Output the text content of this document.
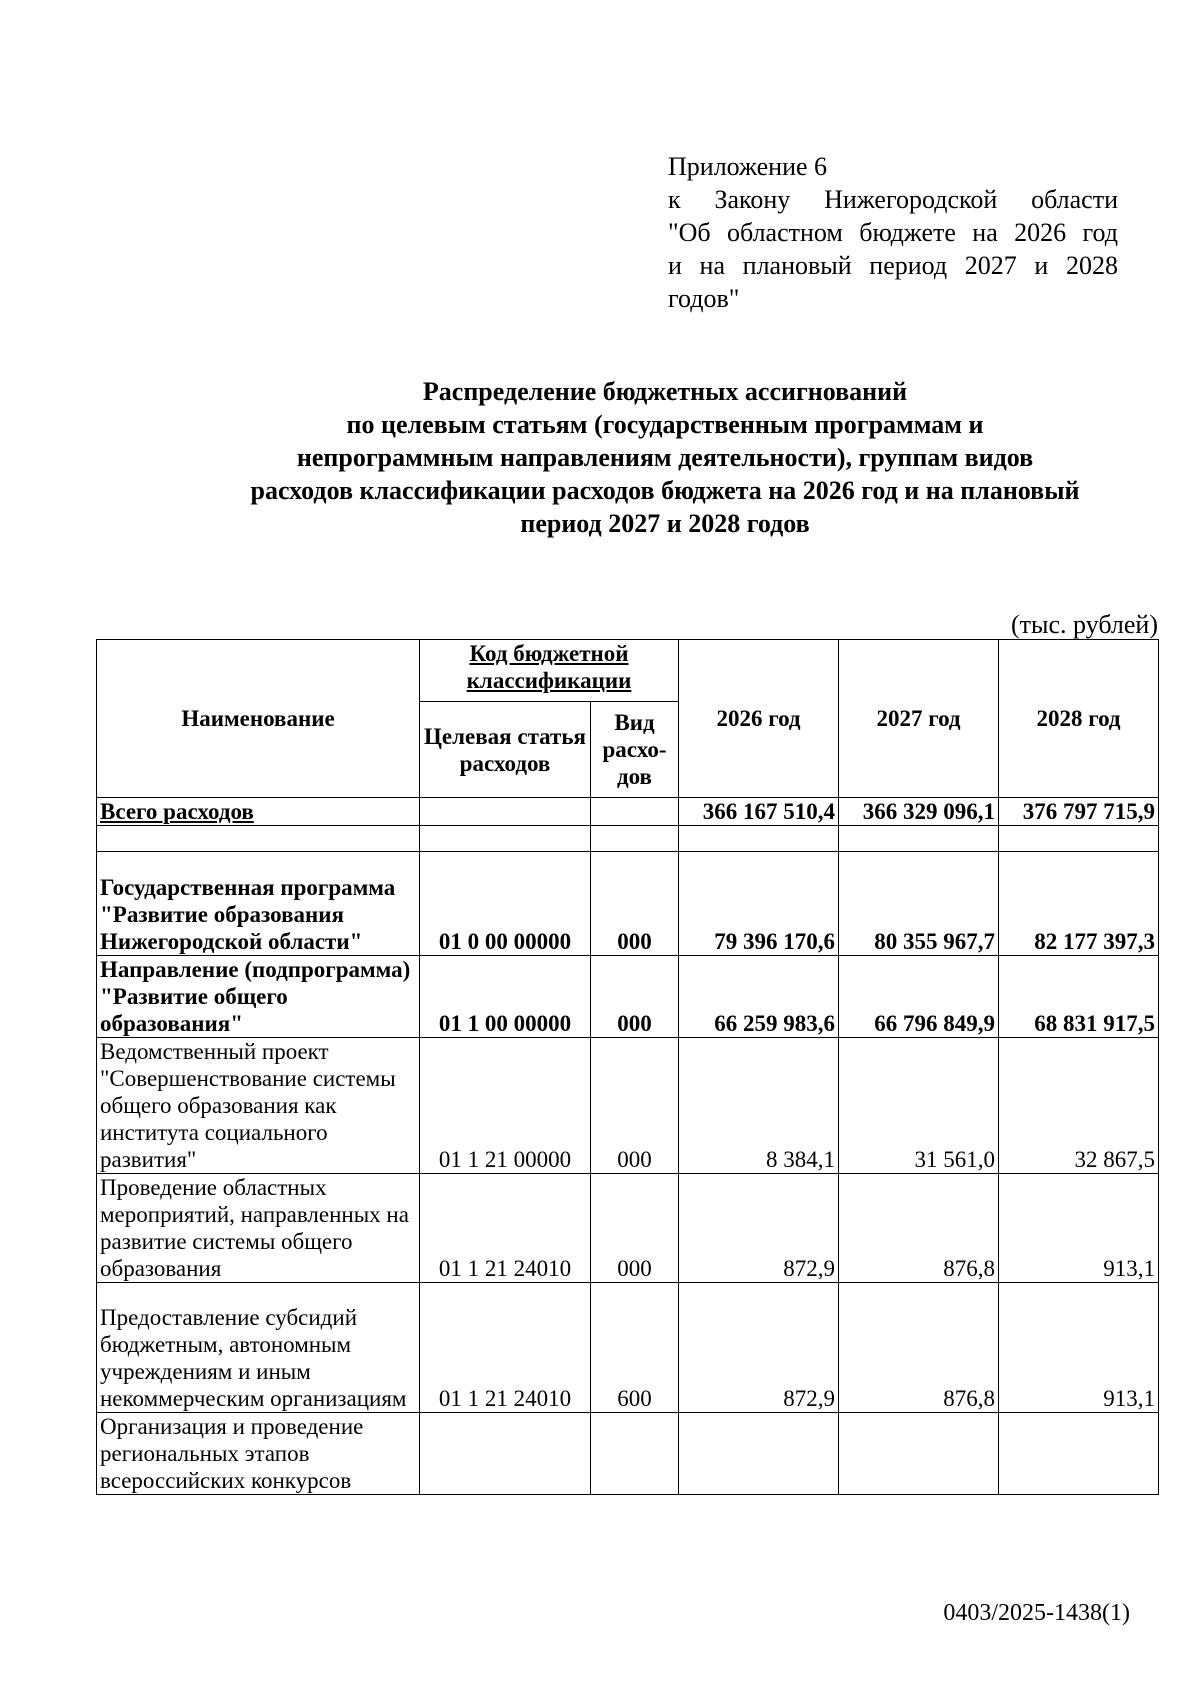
Приложение 6
к Закону Нижегородской области
"Об областном бюджете на 2026 год
и на плановый период 2027 и 2028
годов"
Распределение бюджетных ассигнований
по целевым статьям (государственным программам и
непрограммным направлениям деятельности), группам видов
расходов классификации расходов бюджета на 2026 год и на плановый
период 2027 и 2028 годов
(тыс. рублей)
Наименование	Код бюджетной классификации		2026 год	2027 год	2028 год
	Целевая статья расходов	Вид расхо-дов			
Всего расходов			366 167 510,4	366 329 096,1	376 797 715,9

Государственная программа "Развитие образования Нижегородской области"	01 0 00 00000	000	79 396 170,6	80 355 967,7	82 177 397,3
Направление (подпрограмма) "Развитие общего образования"	01 1 00 00000	000	66 259 983,6	66 796 849,9	68 831 917,5
Ведомственный проект "Совершенствование системы общего образования как института социального развития"	01 1 21 00000	000	8 384,1	31 561,0	32 867,5
Проведение областных мероприятий, направленных на развитие системы общего образования	01 1 21 24010	000	872,9	876,8	913,1
Предоставление субсидий бюджетным, автономным учреждениям и иным некоммерческим организациям	01 1 21 24010	600	872,9	876,8	913,1
Организация и проведение региональных этапов всероссийских конкурсов					
0403/2025-1438(1)
